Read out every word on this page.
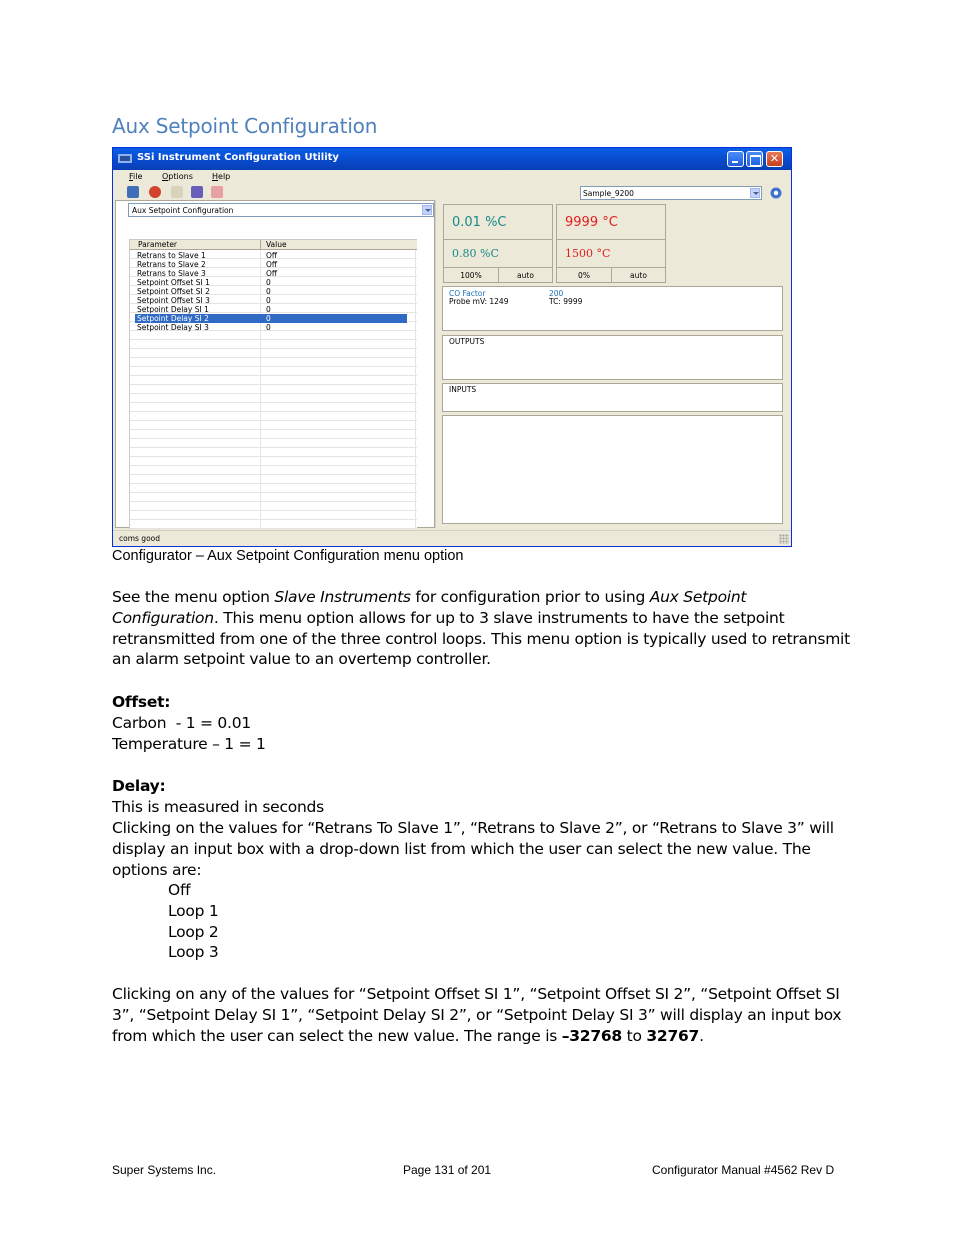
Aux Setpoint Configuration
SSi Instrument Configuration Utility	✕
File Options Help
Sample_9200
Aux Setpoint Configuration
Parameter	Value
Retrans to Slave 1	Off
Retrans to Slave 2	Off
Retrans to Slave 3	Off
Setpoint Offset SI 1	0
Setpoint Offset SI 2	0
Setpoint Offset SI 3	0
Setpoint Delay SI 1	0
Setpoint Delay SI 2	0
Setpoint Delay SI 3	0
0.01 %C
0.80 %C
100%	auto
9999 °C
1500 °C
0%	auto
CO Factor	200
Probe mV: 1249	TC: 9999
OUTPUTS
INPUTS
coms good
Configurator – Aux Setpoint Configuration menu option
See the menu option Slave Instruments for configuration prior to using Aux Setpoint Configuration. This menu option allows for up to 3 slave instruments to have the setpoint retransmitted from one of the three control loops. This menu option is typically used to retransmit an alarm setpoint value to an overtemp controller.
Offset:
Carbon  - 1 = 0.01
Temperature – 1 = 1
Delay:
This is measured in seconds
Clicking on the values for “Retrans To Slave 1”, “Retrans to Slave 2”, or “Retrans to Slave 3” will display an input box with a drop-down list from which the user can select the new value. The options are:
Off
Loop 1
Loop 2
Loop 3
Clicking on any of the values for “Setpoint Offset SI 1”, “Setpoint Offset SI 2”, “Setpoint Offset SI 3”, “Setpoint Delay SI 1”, “Setpoint Delay SI 2”, or “Setpoint Delay SI 3” will display an input box from which the user can select the new value. The range is –32768 to 32767.
Super Systems Inc.	Page 131 of 201	Configurator Manual #4562 Rev D
